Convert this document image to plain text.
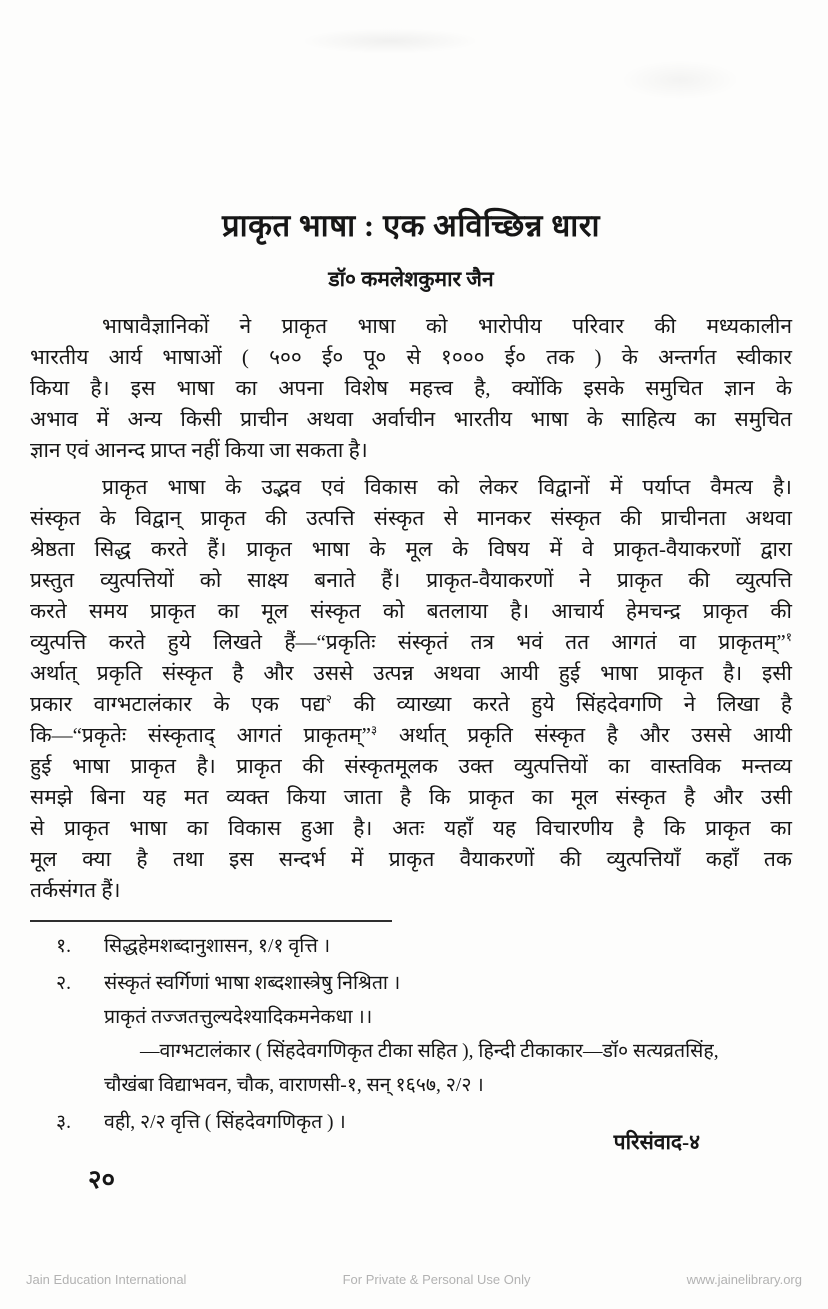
प्राकृत भाषा : एक अविच्छिन्न धारा
डॉ० कमलेशकुमार जैन
भाषावैज्ञानिकों ने प्राकृत भाषा को भारोपीय परिवार की मध्यकालीन
भारतीय आर्य भाषाओं ( ५०० ई० पू० से १००० ई० तक ) के अन्तर्गत स्वीकार
किया है। इस भाषा का अपना विशेष महत्त्व है, क्योंकि इसके समुचित ज्ञान के
अभाव में अन्य किसी प्राचीन अथवा अर्वाचीन भारतीय भाषा के साहित्य का समुचित
ज्ञान एवं आनन्द प्राप्त नहीं किया जा सकता है।
प्राकृत भाषा के उद्भव एवं विकास को लेकर विद्वानों में पर्याप्त वैमत्य है।
संस्कृत के विद्वान् प्राकृत की उत्पत्ति संस्कृत से मानकर संस्कृत की प्राचीनता अथवा
श्रेष्ठता सिद्ध करते हैं। प्राकृत भाषा के मूल के विषय में वे प्राकृत-वैयाकरणों द्वारा
प्रस्तुत व्युत्पत्तियों को साक्ष्य बनाते हैं। प्राकृत-वैयाकरणों ने प्राकृत की व्युत्पत्ति
करते समय प्राकृत का मूल संस्कृत को बतलाया है। आचार्य हेमचन्द्र प्राकृत की
व्युत्पत्ति करते हुये लिखते हैं—“प्रकृतिः संस्कृतं तत्र भवं तत आगतं वा प्राकृतम्”$^१$
अर्थात् प्रकृति संस्कृत है और उससे उत्पन्न अथवा आयी हुई भाषा प्राकृत है। इसी
प्रकार वाग्भटालंकार के एक पद्य$^२$ की व्याख्या करते हुये सिंहदेवगणि ने लिखा है
कि—“प्रकृतेः संस्कृताद् आगतं प्राकृतम्”$^३$ अर्थात् प्रकृति संस्कृत है और उससे आयी
हुई भाषा प्राकृत है। प्राकृत की संस्कृतमूलक उक्त व्युत्पत्तियों का वास्तविक मन्तव्य
समझे बिना यह मत व्यक्त किया जाता है कि प्राकृत का मूल संस्कृत है और उसी
से प्राकृत भाषा का विकास हुआ है। अतः यहाँ यह विचारणीय है कि प्राकृत का
मूल क्या है तथा इस सन्दर्भ में प्राकृत वैयाकरणों की व्युत्पत्तियाँ कहाँ तक
तर्कसंगत हैं।
१. सिद्धहेमशब्दानुशासन, १/१ वृत्ति ।
२. संस्कृतं स्वर्गिणां भाषा शब्दशास्त्रेषु निश्रिता ।
प्राकृतं तज्जतत्तुल्यदेश्यादिकमनेकधा ।।
—वाग्भटालंकार ( सिंहदेवगणिकृत टीका सहित ), हिन्दी टीकाकार—डॉ० सत्यव्रतसिंह,
चौखंबा विद्याभवन, चौक, वाराणसी-१, सन् १६५७, २/२ ।
३. वही, २/२ वृत्ति ( सिंहदेवगणिकृत ) ।
परिसंवाद-४
२०
Jain Education International	For Private & Personal Use Only	www.jainelibrary.org
